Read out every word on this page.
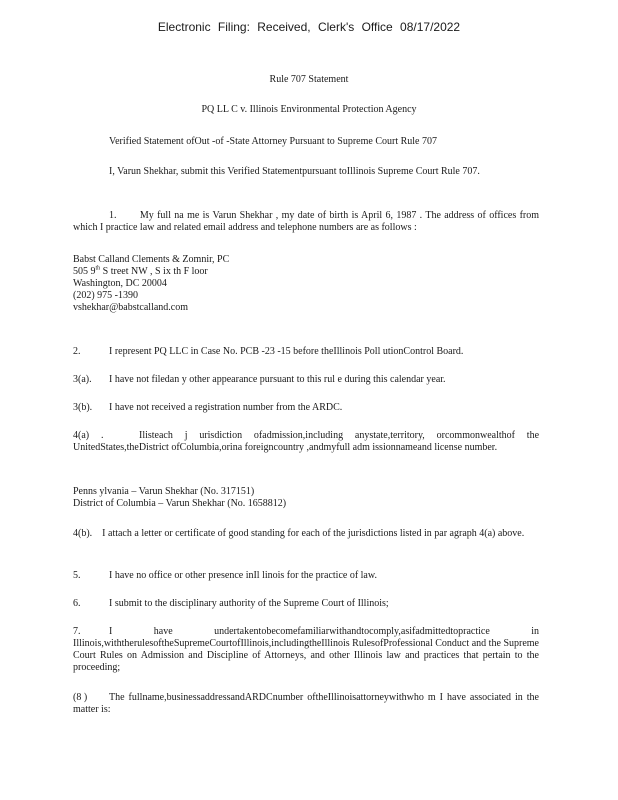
Electronic Filing: Received, Clerk's Office 08/17/2022
Rule 707 Statement
PQ LL C v. Illinois Environmental Protection Agency
Verified Statement ofOut -of -State Attorney Pursuant to Supreme Court Rule 707
I, Varun Shekhar, submit this Verified Statementpursuant toIllinois Supreme Court Rule 707.
1. My full na me is Varun Shekhar , my date of birth is April 6, 1987 . The address of offices from which I practice law and related email address and telephone numbers are as follows :
Babst Calland Clements & Zomnir, PC
505 9th S treet NW , S ix th F loor
Washington, DC 20004
(202) 975 -1390
vshekhar@babstcalland.com
2.	I represent PQ LLC in Case No. PCB -23 -15 before theIllinois Poll utionControl Board.
3(a). I have not filedan y other appearance pursuant to this rul e during this calendar year.
3(b). I have not received a registration number from the ARDC.
4(a) .	Ilisteach j urisdiction ofadmission,including anystate,territory, orcommonwealthof the UnitedStates,theDistrict ofColumbia,orina foreigncountry ,andmyfull adm issionnameand license number.
Penns ylvania – Varun Shekhar (No. 317151)
District of Columbia – Varun Shekhar (No. 1658812)
4(b). I attach a letter or certificate of good standing for each of the jurisdictions listed in par agraph 4(a) above.
5.	I have no office or other presence inIl linois for the practice of law.
6.	I submit to the disciplinary authority of the Supreme Court of Illinois;
7.	I have undertakentobecomefamiliarwithandtocomply,asifadmittedtopractice in Illinois,withtherulesoftheSupremeCourtofIllinois,includingtheIllinois RulesofProfessional Conduct and the Supreme Court Rules on Admission and Discipline of Attorneys, and other Illinois law and practices that pertain to the proceeding;
(8 ) The fullname,businessaddressandARDCnumber oftheIllinoisattorneywithwho m I have associated in the matter is:
